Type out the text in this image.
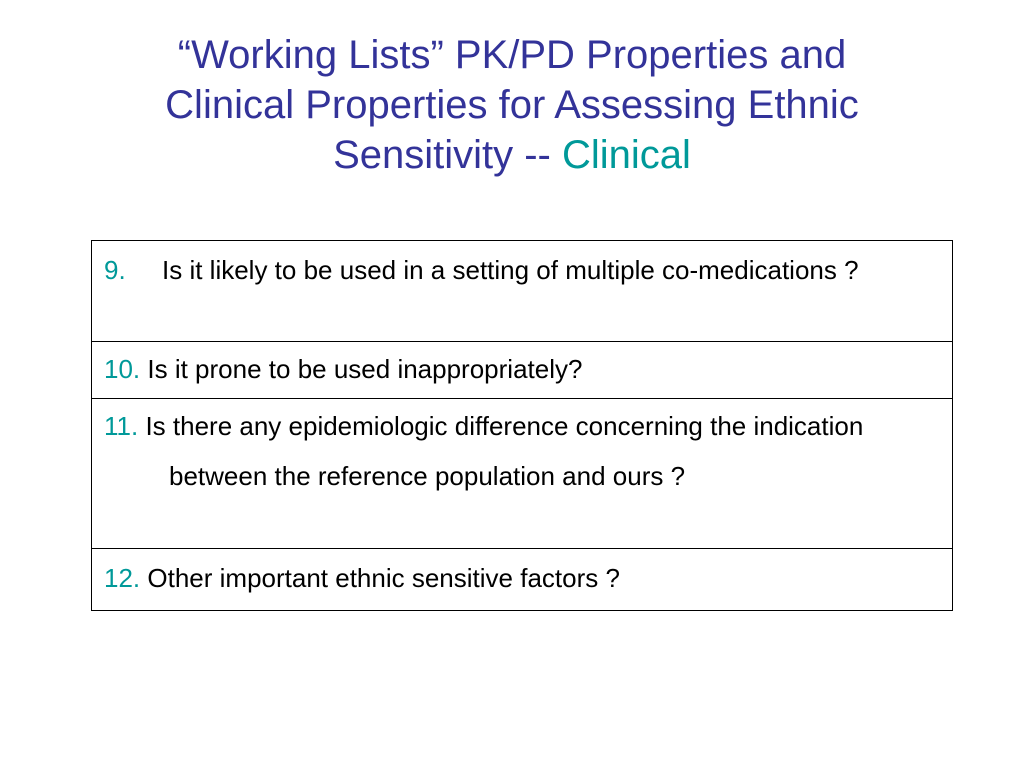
“Working Lists” PK/PD Properties and
Clinical Properties for Assessing Ethnic
Sensitivity -- Clinical
9. Is it likely to be used in a setting of multiple co-medications ?

10. Is it prone to be used inappropriately?

11. Is there any epidemiologic difference concerning the indication between the reference population and ours ?

12. Other important ethnic sensitive factors ?
